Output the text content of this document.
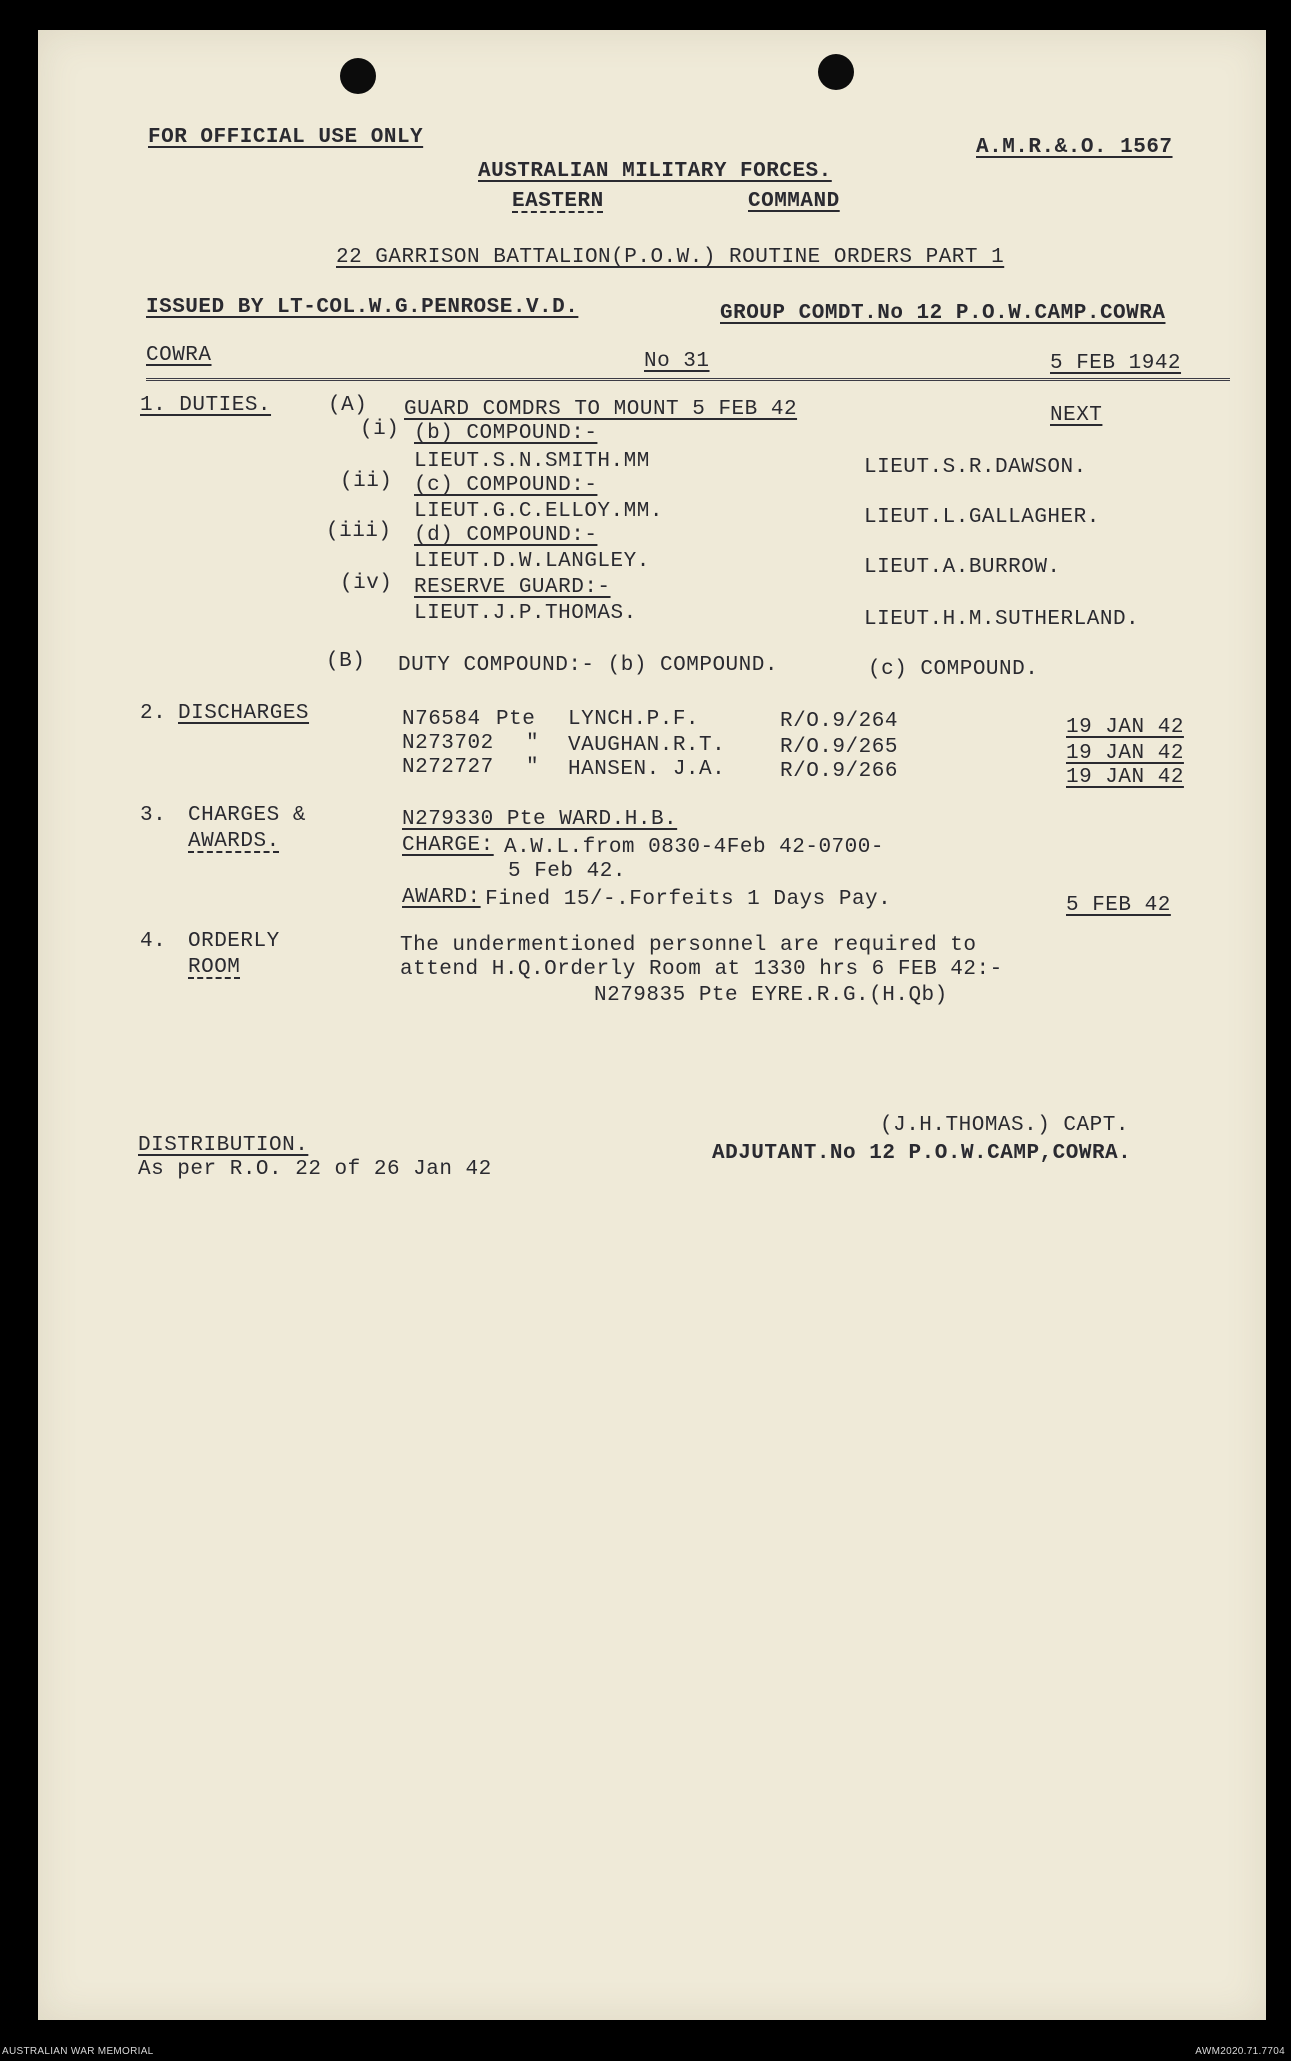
FOR OFFICIAL USE ONLY	A.M.R.&.O. 1567
AUSTRALIAN MILITARY FORCES.
EASTERN	COMMAND
22 GARRISON BATTALION(P.O.W.) ROUTINE ORDERS PART 1
ISSUED BY LT-COL.W.G.PENROSE.V.D.	GROUP COMDT.No 12 P.O.W.CAMP.COWRA
COWRA	No 31	5 FEB 1942
1. DUTIES.	(A) GUARD COMDRS TO MOUNT 5 FEB 42	NEXT
(i) (b) COMPOUND:-
LIEUT.S.N.SMITH.MM	LIEUT.S.R.DAWSON.
(ii) (c) COMPOUND:-
LIEUT.G.C.ELLOY.MM.	LIEUT.L.GALLAGHER.
(iii) (d) COMPOUND:-
LIEUT.D.W.LANGLEY.	LIEUT.A.BURROW.
(iv) RESERVE GUARD:-
LIEUT.J.P.THOMAS.	LIEUT.H.M.SUTHERLAND.
(B) DUTY COMPOUND:- (b) COMPOUND.	(c) COMPOUND.
2. DISCHARGES	N76584 Pte LYNCH.P.F.	R/O.9/264	19 JAN 42
N273702 " VAUGHAN.R.T.	R/O.9/265	19 JAN 42
N272727 " HANSEN. J.A.	R/O.9/266	19 JAN 42
3. CHARGES &
AWARDS.
N279330 Pte WARD.H.B.
CHARGE: A.W.L.from 0830-4Feb 42-0700-
5 Feb 42.
AWARD:
Fined 15/-.Forfeits 1 Days Pay.	5 FEB 42
4. ORDERLY
ROOM
The undermentioned personnel are required to
attend H.Q.Orderly Room at 1330 hrs 6 FEB 42:-
N279835 Pte EYRE.R.G.(H.Qb)
DISTRIBUTION.
As per R.O. 22 of 26 Jan 42
(J.H.THOMAS.) CAPT.
ADJUTANT.No 12 P.O.W.CAMP,COWRA.
AUSTRALIAN WAR MEMORIAL	AWM2020.71.7704
